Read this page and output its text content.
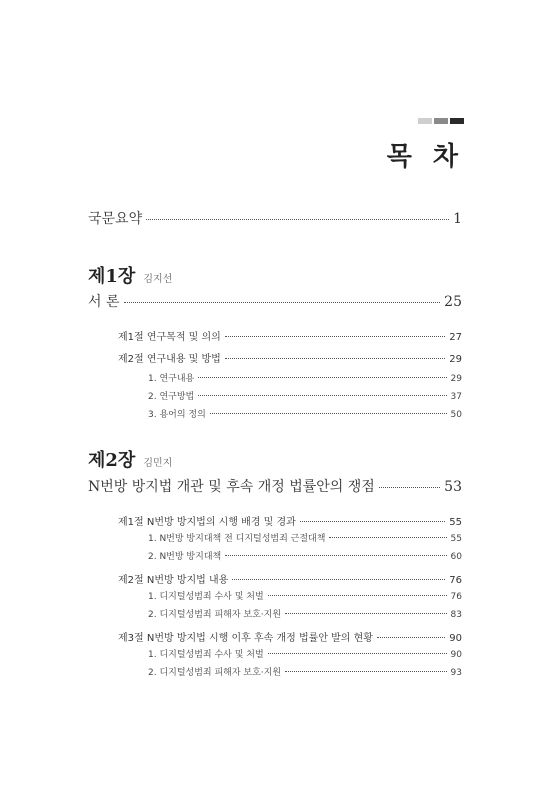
목 차
국문요약	1
제1장 김지선
서 론	25
제1절 연구목적 및 의의	27
제2절 연구내용 및 방법	29
1. 연구내용	29
2. 연구방법	37
3. 용어의 정의	50
제2장 김민지
N번방 방지법 개관 및 후속 개정 법률안의 쟁점	53
제1절 N번방 방지법의 시행 배경 및 경과	55
1. N번방 방지대책 전 디지털성범죄 근절대책	55
2. N번방 방지대책	60
제2절 N번방 방지법 내용	76
1. 디지털성범죄 수사 및 처벌	76
2. 디지털성범죄 피해자 보호·지원	83
제3절 N번방 방지법 시행 이후 후속 개정 법률안 발의 현황	90
1. 디지털성범죄 수사 및 처벌	90
2. 디지털성범죄 피해자 보호·지원	93
